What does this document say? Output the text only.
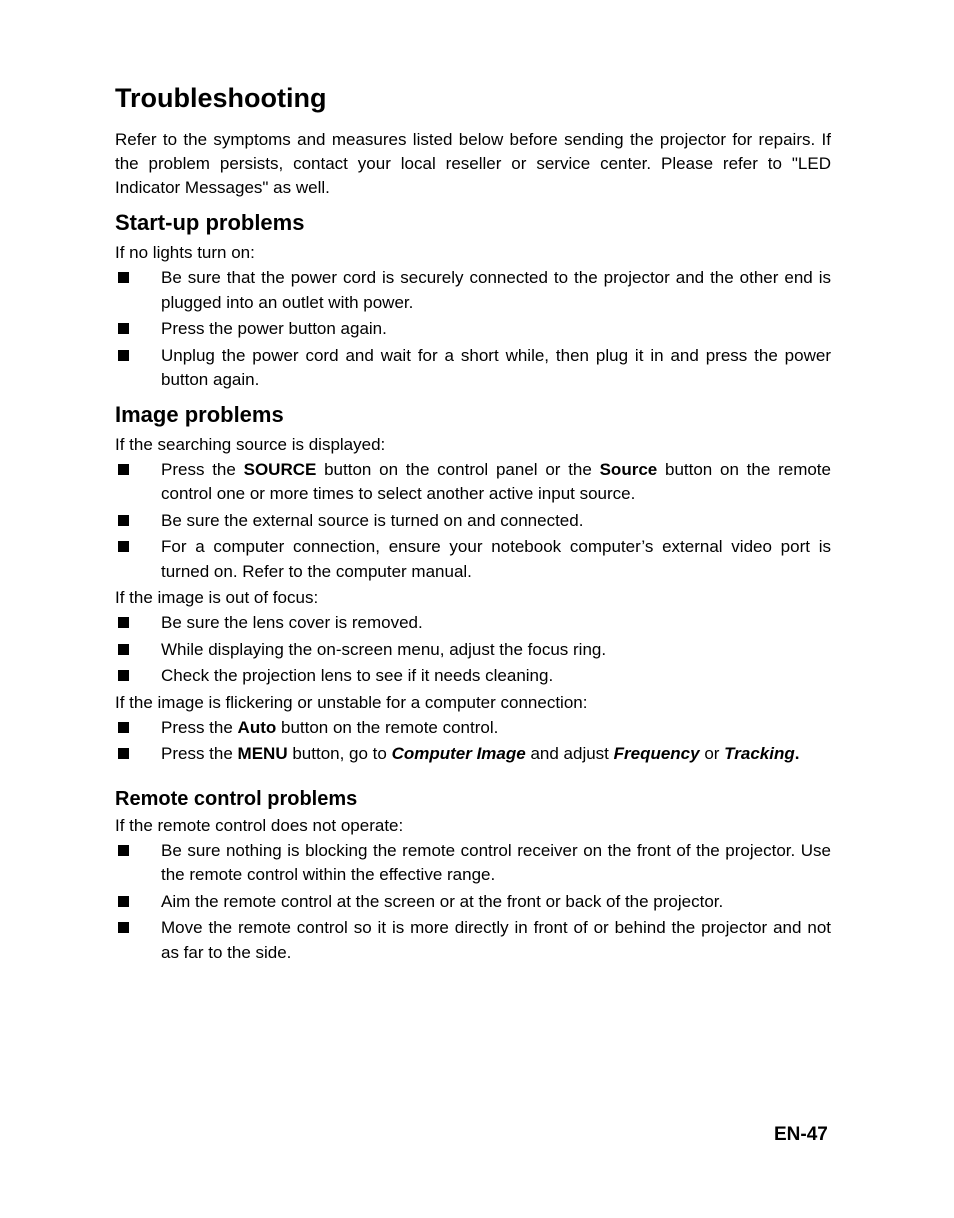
Troubleshooting

Refer to the symptoms and measures listed below before sending the projector for repairs. If the problem persists, contact your local reseller or service center. Please refer to "LED Indicator Messages" as well.

Start-up problems

If no lights turn on:

Be sure that the power cord is securely connected to the projector and the other end is plugged into an outlet with power.
Press the power button again.
Unplug the power cord and wait for a short while, then plug it in and press the power button again.
Image problems

If the searching source is displayed:

Press the SOURCE button on the control panel or the Source button on the remote control one or more times to select another active input source.
Be sure the external source is turned on and connected.
For a computer connection, ensure your notebook computer’s external video port is turned on. Refer to the computer manual.

If the image is out of focus:

Be sure the lens cover is removed.
While displaying the on-screen menu, adjust the focus ring.
Check the projection lens to see if it needs cleaning.

If the image is flickering or unstable for a computer connection:

Press the Auto button on the remote control.
Press the MENU button, go to Computer Image and adjust Frequency or Tracking.
Remote control problems

If the remote control does not operate:

Be sure nothing is blocking the remote control receiver on the front of the projector. Use the remote control within the effective range.
Aim the remote control at the screen or at the front or back of the projector.
Move the remote control so it is more directly in front of or behind the projector and not as far to the side.
EN-47
